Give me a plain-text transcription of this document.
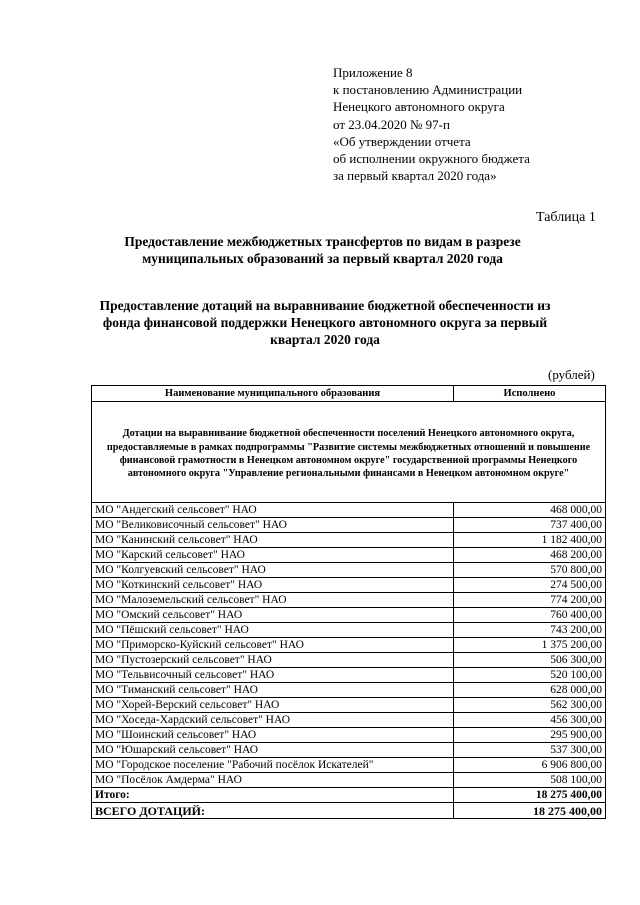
Приложение 8
к постановлению Администрации
Ненецкого автономного округа
от 23.04.2020 № 97-п
«Об утверждении отчета
об исполнении окружного бюджета
за первый квартал 2020 года»
Таблица 1
Предоставление межбюджетных трансфертов по видам в разрезе муниципальных образований за первый квартал 2020 года
Предоставление дотаций на выравнивание бюджетной обеспеченности из фонда финансовой поддержки Ненецкого автономного округа за первый квартал 2020 года
(рублей)
Наименование муниципального образования	Исполнено
Дотации на выравнивание бюджетной обеспеченности поселений Ненецкого автономного округа, предоставляемые в рамках подпрограммы "Развитие системы межбюджетных отношений и повышение финансовой грамотности в Ненецком автономном округе" государственной программы Ненецкого автономного округа "Управление региональными финансами в Ненецком автономном округе"	
МО "Андегский сельсовет" НАО	468 000,00
МО "Великовисочный сельсовет" НАО	737 400,00
МО "Канинский сельсовет" НАО	1 182 400,00
МО "Карский сельсовет" НАО	468 200,00
МО "Колгуевский сельсовет" НАО	570 800,00
МО "Коткинский сельсовет" НАО	274 500,00
МО "Малоземельский сельсовет" НАО	774 200,00
МО "Омский сельсовет" НАО	760 400,00
МО "Пёшский сельсовет" НАО	743 200,00
МО "Приморско-Куйский сельсовет" НАО	1 375 200,00
МО "Пустозерский сельсовет" НАО	506 300,00
МО "Тельвисочный сельсовет" НАО	520 100,00
МО "Тиманский сельсовет" НАО	628 000,00
МО "Хорей-Верский сельсовет" НАО	562 300,00
МО "Хоседа-Хардский сельсовет" НАО	456 300,00
МО "Шоинский сельсовет" НАО	295 900,00
МО "Юшарский сельсовет" НАО	537 300,00
МО "Городское поселение "Рабочий посёлок Искателей"	6 906 800,00
МО "Посёлок Амдерма" НАО	508 100,00
Итого:	18 275 400,00
ВСЕГО ДОТАЦИЙ:	18 275 400,00
